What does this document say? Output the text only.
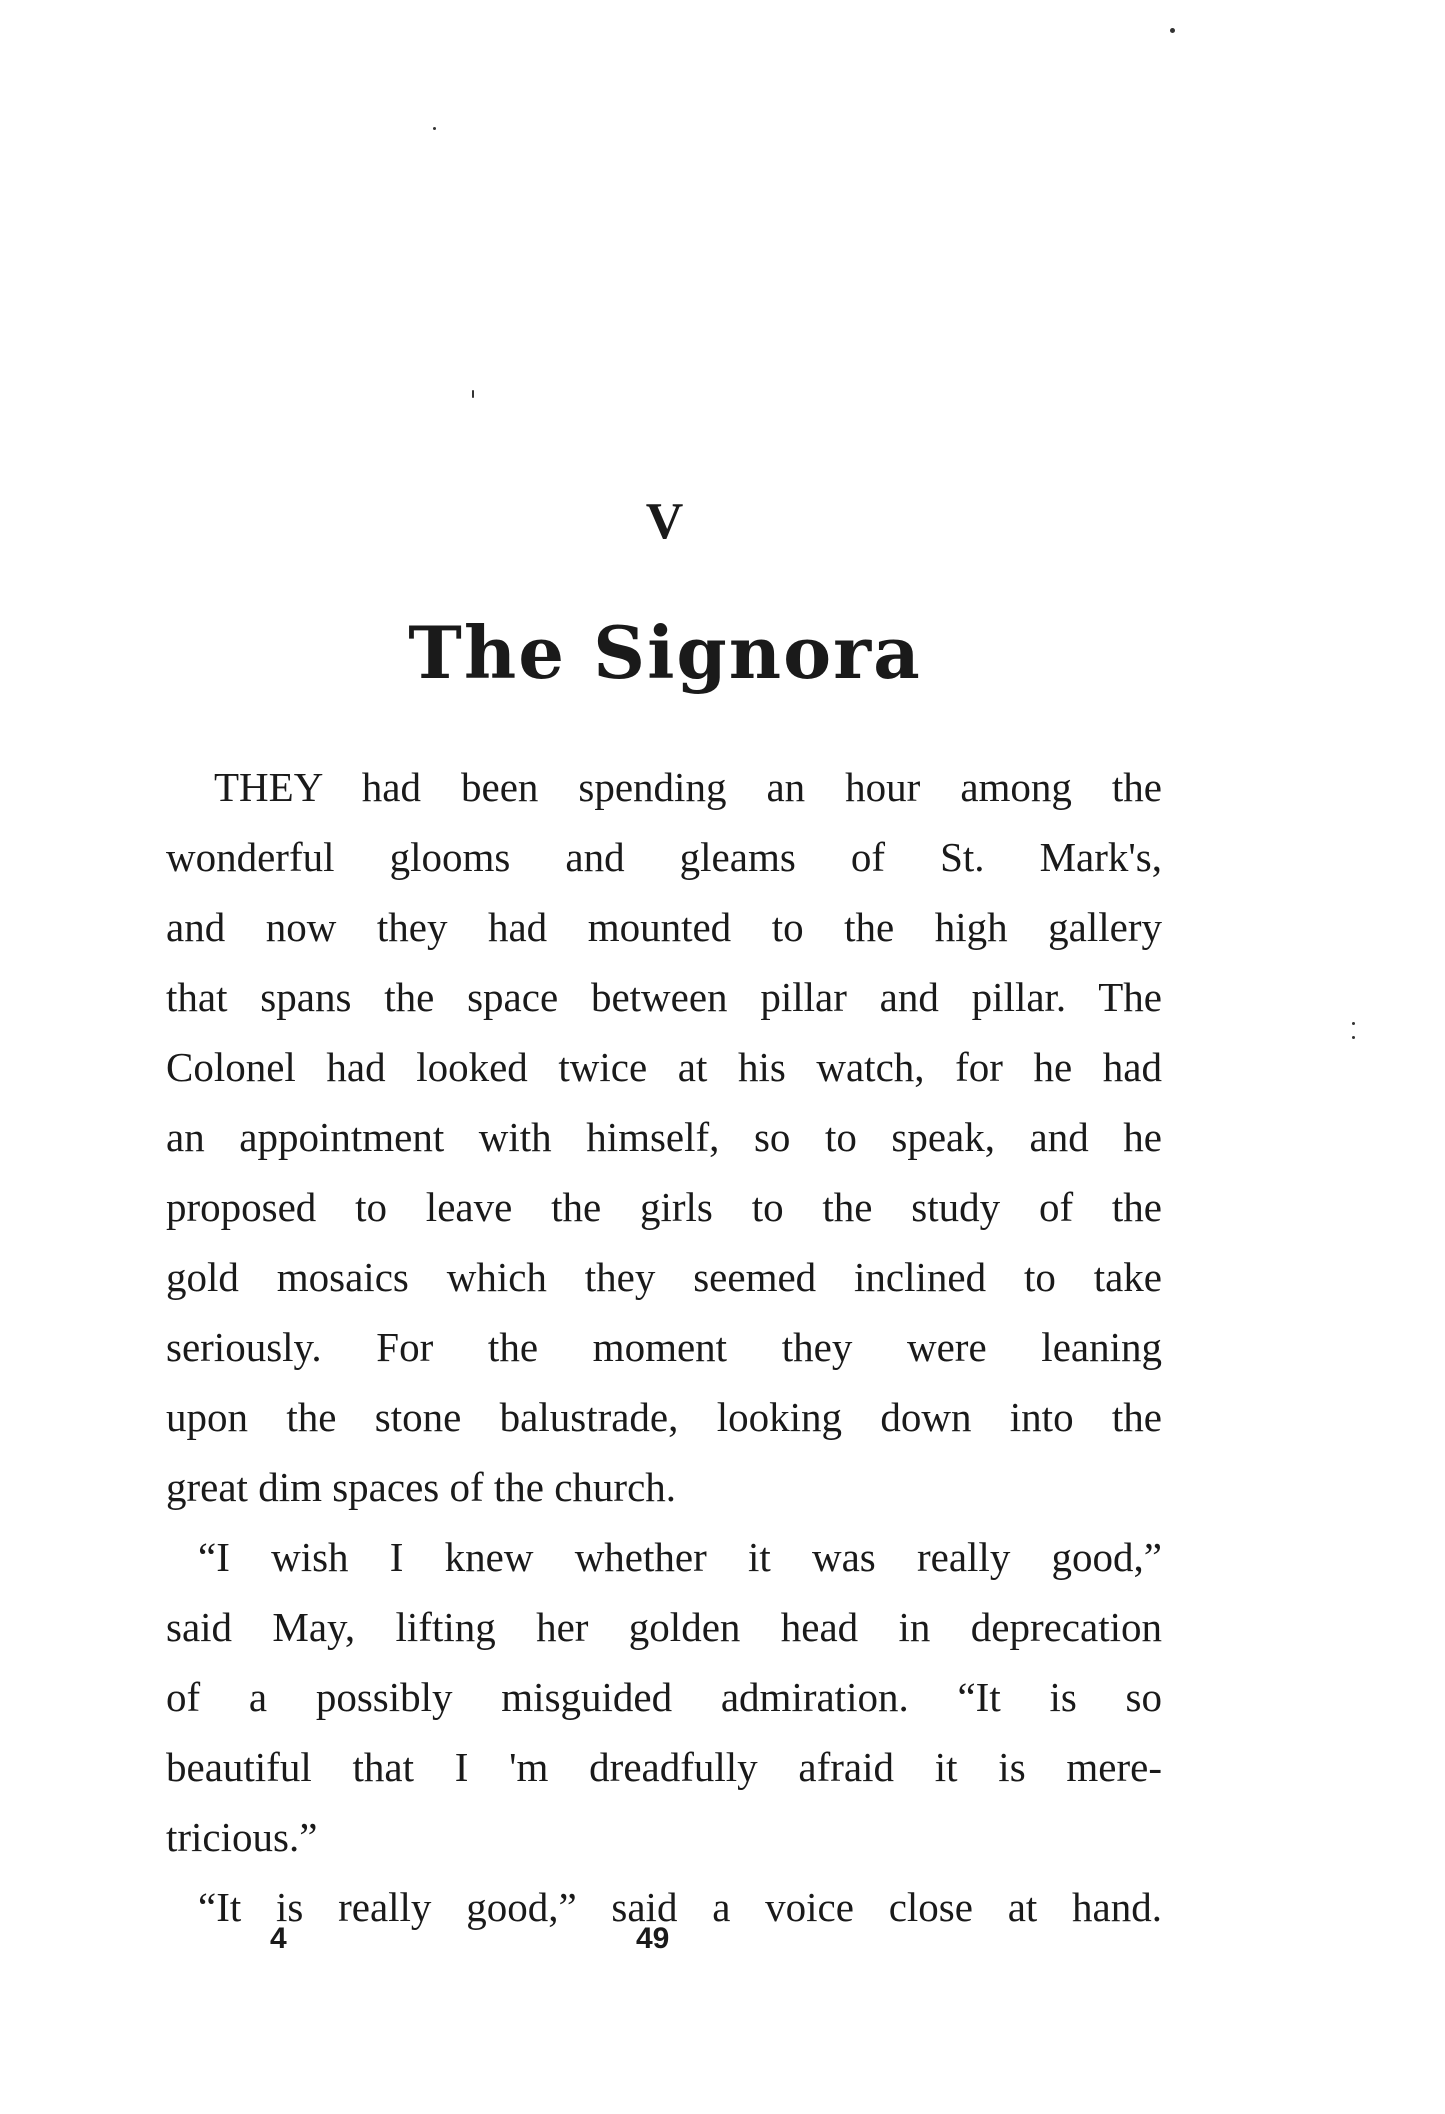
V
The Signora
THEY had been spending an hour among the
wonderful glooms and gleams of St. Mark's,
and now they had mounted to the high gallery
that spans the space between pillar and pillar. The
Colonel had looked twice at his watch, for he had
an appointment with himself, so to speak, and he
proposed to leave the girls to the study of the
gold mosaics which they seemed inclined to take
seriously. For the moment they were leaning
upon the stone balustrade, looking down into the
great dim spaces of the church.
“I wish I knew whether it was really good,”
said May, lifting her golden head in deprecation
of a possibly misguided admiration. “It is so
beautiful that I 'm dreadfully afraid it is mere-
tricious.”
“It is really good,” said a voice close at hand.
4	49
